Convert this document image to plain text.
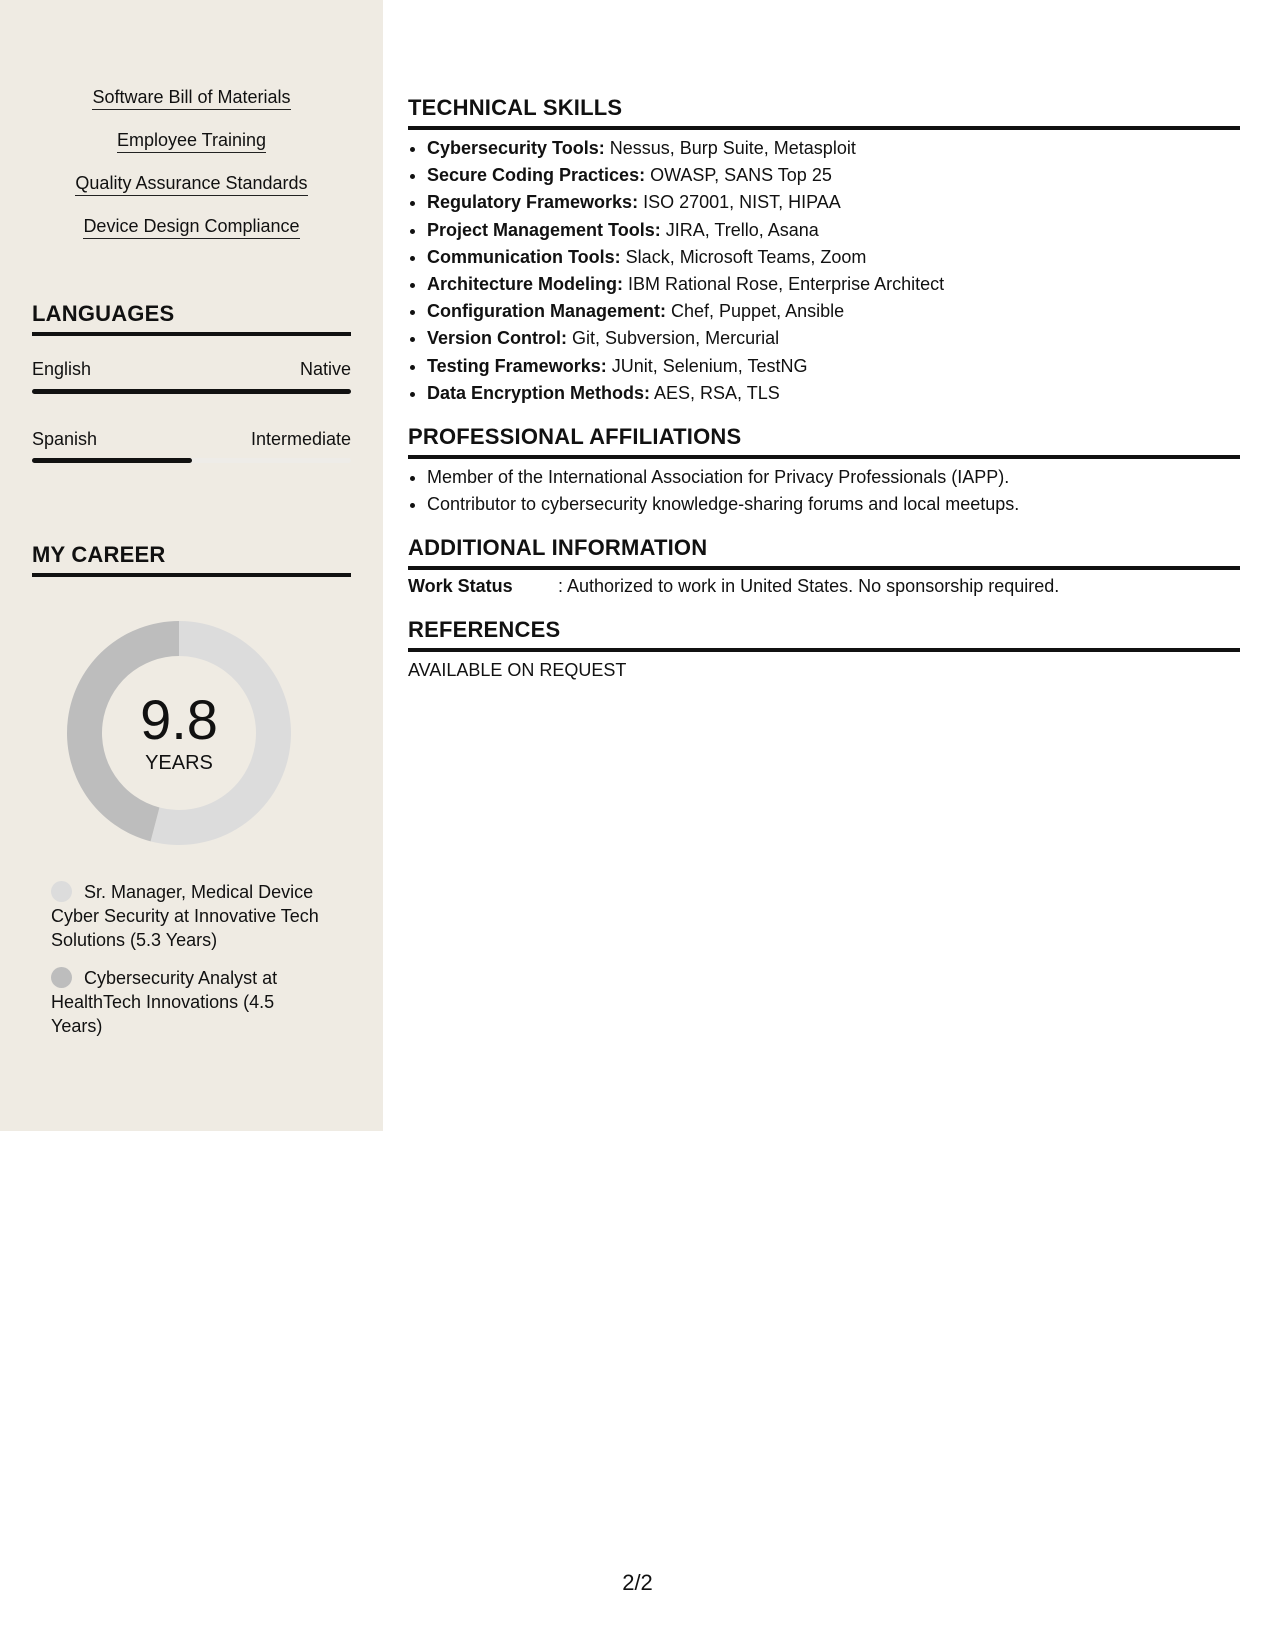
Software Bill of Materials
Employee Training
Quality Assurance Standards
Device Design Compliance
LANGUAGES
English	Native
Spanish	Intermediate
MY CAREER
9.8
YEARS
Sr. Manager, Medical Device Cyber Security at Innovative Tech Solutions (5.3 Years)
Cybersecurity Analyst at HealthTech Innovations (4.5 Years)
TECHNICAL SKILLS
• Cybersecurity Tools: Nessus, Burp Suite, Metasploit
• Secure Coding Practices: OWASP, SANS Top 25
• Regulatory Frameworks: ISO 27001, NIST, HIPAA
• Project Management Tools: JIRA, Trello, Asana
• Communication Tools: Slack, Microsoft Teams, Zoom
• Architecture Modeling: IBM Rational Rose, Enterprise Architect
• Configuration Management: Chef, Puppet, Ansible
• Version Control: Git, Subversion, Mercurial
• Testing Frameworks: JUnit, Selenium, TestNG
• Data Encryption Methods: AES, RSA, TLS
PROFESSIONAL AFFILIATIONS
• Member of the International Association for Privacy Professionals (IAPP).
• Contributor to cybersecurity knowledge-sharing forums and local meetups.
ADDITIONAL INFORMATION
Work Status	: Authorized to work in United States. No sponsorship required.
REFERENCES
AVAILABLE ON REQUEST
2/2
